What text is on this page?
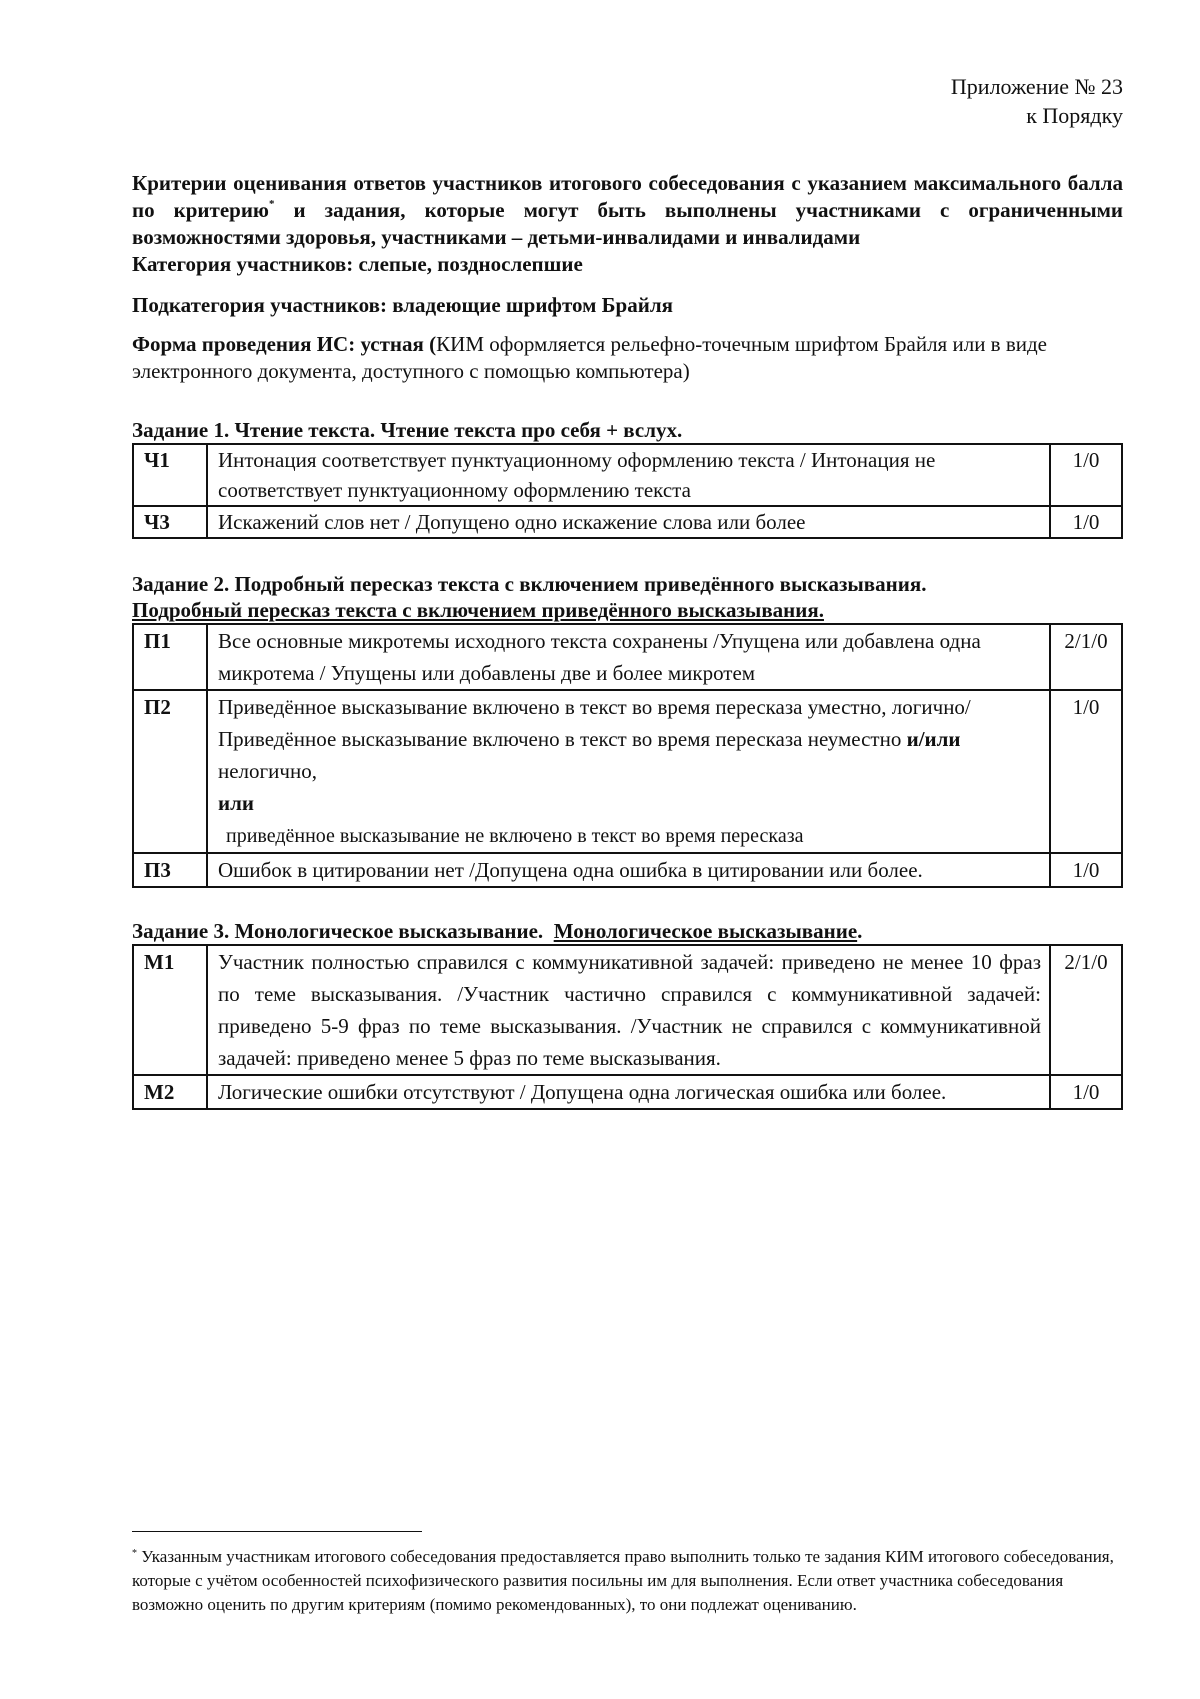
Приложение № 23
к Порядку
Критерии оценивания ответов участников итогового собеседования с указанием максимального балла по критерию* и задания, которые могут быть выполнены участниками с ограниченными возможностями здоровья, участниками – детьми-инвалидами и инвалидами
Категория участников: слепые, позднослепшие
Подкатегория участников: владеющие шрифтом Брайля
Форма проведения ИС: устная (КИМ оформляется рельефно-точечным шрифтом Брайля или в виде электронного документа, доступного с помощью компьютера)
Задание 1. Чтение текста. Чтение текста про себя + вслух.
Ч1	Интонация соответствует пунктуационному оформлению текста / Интонация не соответствует пунктуационному оформлению текста	1/0
Ч3	Искажений слов нет / Допущено одно искажение слова или более	1/0
Задание 2. Подробный пересказ текста с включением приведённого высказывания.
Подробный пересказ текста с включением приведённого высказывания.
П1	Все основные микротемы исходного текста сохранены /Упущена или добавлена одна микротема / Упущены или добавлены две и более микротем	2/1/0
П2	Приведённое высказывание включено в текст во время пересказа уместно, логично/ Приведённое высказывание включено в текст во время пересказа неуместно и/или нелогично,
или
приведённое высказывание не включено в текст во время пересказа	1/0
П3	Ошибок в цитировании нет /Допущена одна ошибка в цитировании или более.	1/0
Задание 3. Монологическое высказывание.  Монологическое высказывание.
М1	Участник полностью справился с коммуникативной задачей: приведено не менее 10 фраз по теме высказывания. /Участник частично справился с коммуникативной задачей: приведено 5-9 фраз по теме высказывания. /Участник не справился с коммуникативной задачей: приведено менее 5 фраз по теме высказывания.	2/1/0
М2	Логические ошибки отсутствуют / Допущена одна логическая ошибка или более.	1/0
* Указанным участникам итогового собеседования предоставляется право выполнить только те задания КИМ итогового собеседования, которые с учётом особенностей психофизического развития посильны им для выполнения. Если ответ участника собеседования возможно оценить по другим критериям (помимо рекомендованных), то они подлежат оцениванию.
